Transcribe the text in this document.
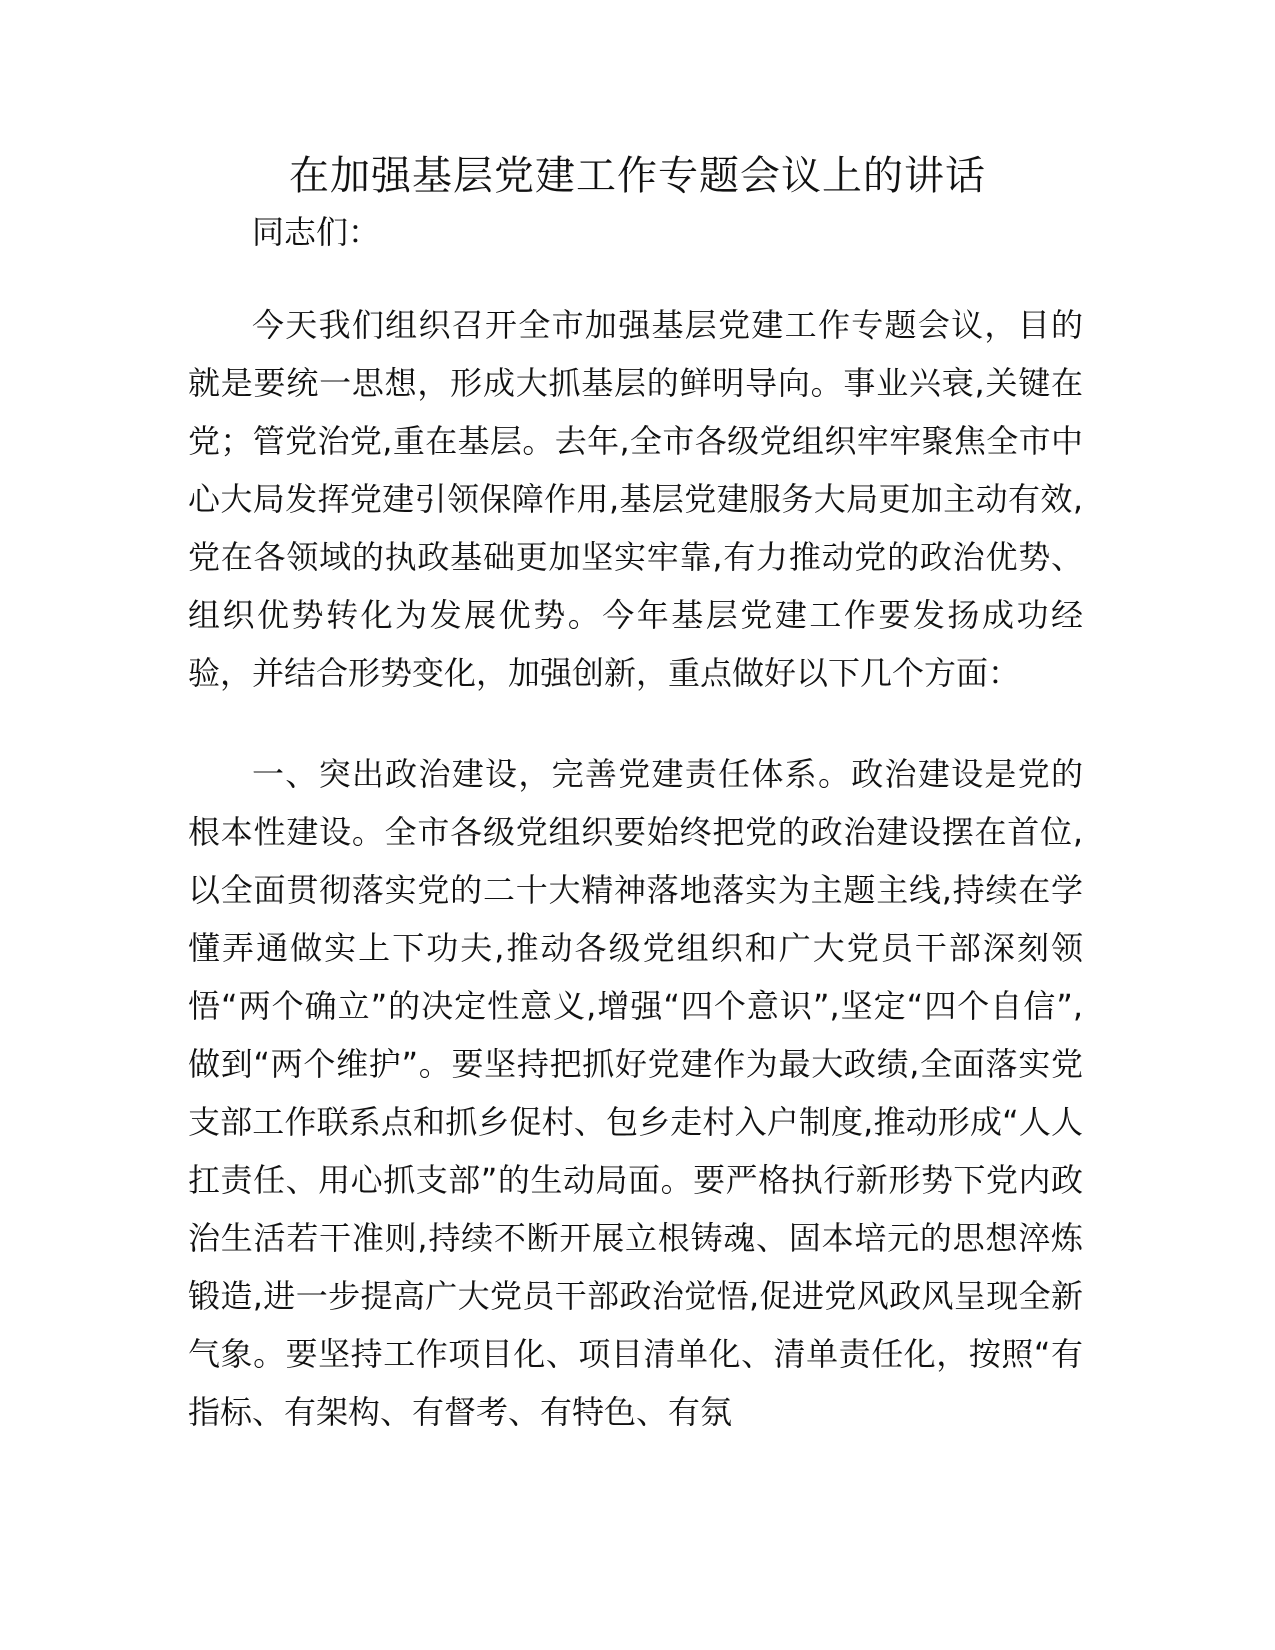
在加强基层党建工作专题会议上的讲话

同志们：

今天我们组织召开全市加强基层党建工作专题会议，目的就是要统一思想，形成大抓基层的鲜明导向。事业兴衰,关键在党；管党治党,重在基层。去年,全市各级党组织牢牢聚焦全市中心大局发挥党建引领保障作用,基层党建服务大局更加主动有效,党在各领域的执政基础更加坚实牢靠,有力推动党的政治优势、组织优势转化为发展优势。今年基层党建工作要发扬成功经验，并结合形势变化，加强创新，重点做好以下几个方面：

一、突出政治建设，完善党建责任体系。政治建设是党的根本性建设。全市各级党组织要始终把党的政治建设摆在首位,以全面贯彻落实党的二十大精神落地落实为主题主线,持续在学懂弄通做实上下功夫,推动各级党组织和广大党员干部深刻领悟“两个确立”的决定性意义,增强“四个意识”,坚定“四个自信”,做到“两个维护”。要坚持把抓好党建作为最大政绩,全面落实党支部工作联系点和抓乡促村、包乡走村入户制度,推动形成“人人扛责任、用心抓支部”的生动局面。要严格执行新形势下党内政治生活若干准则,持续不断开展立根铸魂、固本培元的思想淬炼锻造,进一步提高广大党员干部政治觉悟,促进党风政风呈现全新气象。要坚持工作项目化、项目清单化、清单责任化，按照“有指标、有架构、有督考、有特色、有氛
